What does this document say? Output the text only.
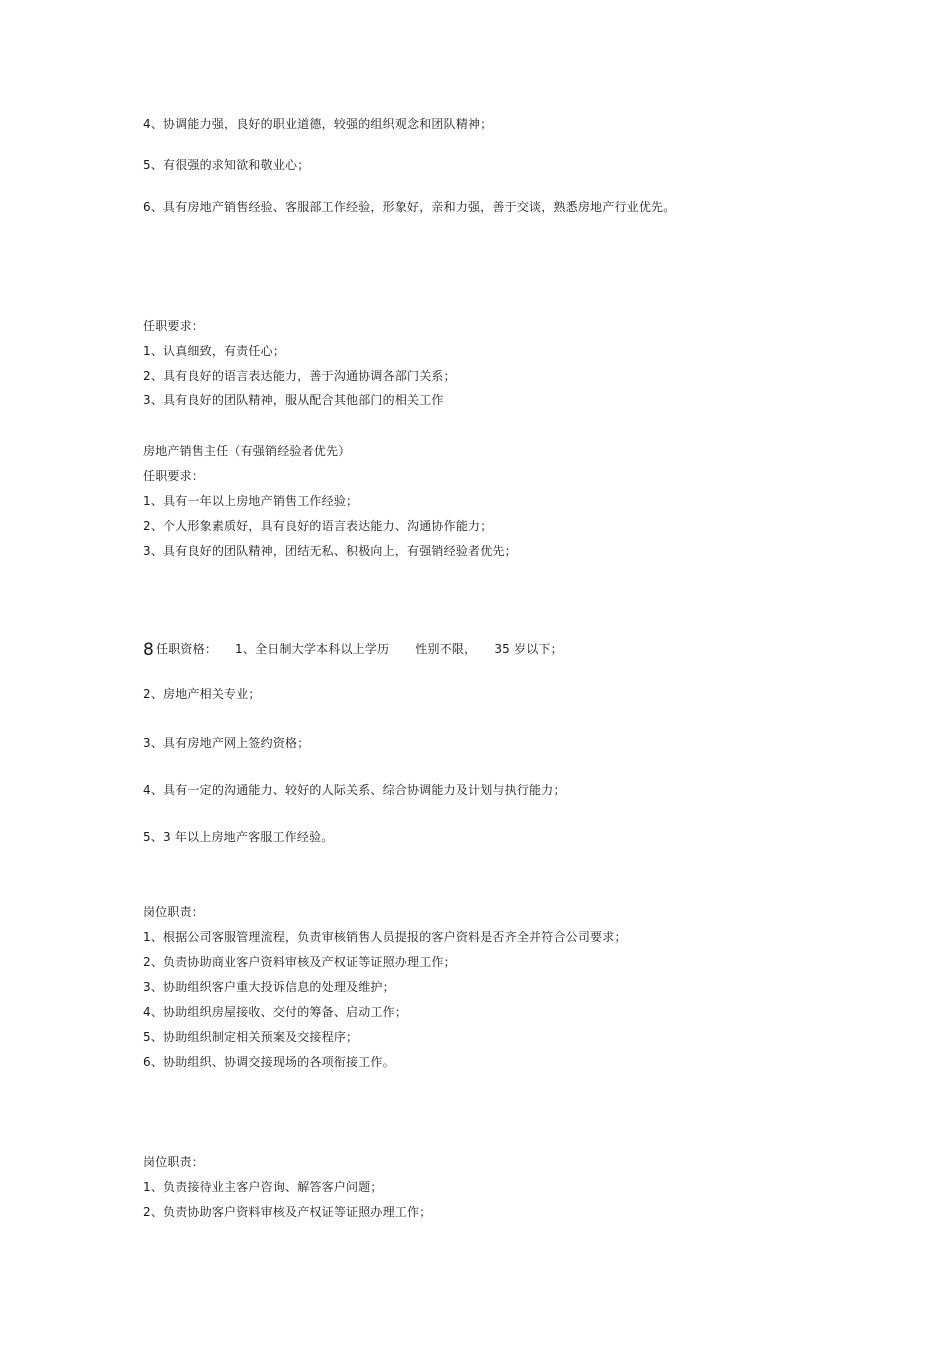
4、协调能力强，良好的职业道德，较强的组织观念和团队精神；
5、有很强的求知欲和敬业心；
6、具有房地产销售经验、客服部工作经验，形象好，亲和力强，善于交谈，熟悉房地产行业优先。
任职要求：
1、认真细致，有责任心；
2、具有良好的语言表达能力，善于沟通协调各部门关系；
3、具有良好的团队精神，服从配合其他部门的相关工作
房地产销售主任（有强销经验者优先）
任职要求：
1、具有一年以上房地产销售工作经验；
2、个人形象素质好，具有良好的语言表达能力、沟通协作能力；
3、具有良好的团队精神，团结无私、积极向上，有强销经验者优先；
8 任职资格： 1、全日制大学本科以上学历 性别不限， 35 岁以下；
2、房地产相关专业；
3、具有房地产网上签约资格；
4、具有一定的沟通能力、较好的人际关系、综合协调能力及计划与执行能力；
5、3 年以上房地产客服工作经验。
岗位职责：
1、根据公司客服管理流程，负责审核销售人员提报的客户资料是否齐全并符合公司要求；
2、负责协助商业客户资料审核及产权证等证照办理工作；
3、协助组织客户重大投诉信息的处理及维护；
4、协助组织房屋接收、交付的筹备、启动工作；
5、协助组织制定相关预案及交接程序；
6、协助组织、协调交接现场的各项衔接工作。
岗位职责：
1、负责接待业主客户咨询、解答客户问题；
2、负责协助客户资料审核及产权证等证照办理工作；
